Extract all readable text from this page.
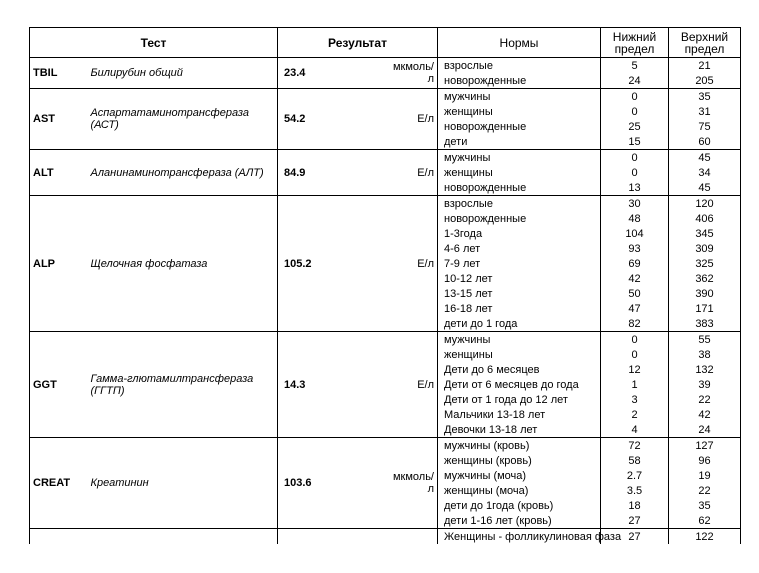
Тест		Результат		Нормы	Нижний предел	Верхний предел
TBIL	Билирубин общий	23.4	мкмоль/л	взрослые	5	21
				новорожденные	24	205
AST	Аспартатаминотрансфераза (АСТ)	54.2	Е/л	мужчины	0	35
				женщины	0	31
				новорожденные	25	75
				дети	15	60
ALT	Аланинаминотрансфераза (АЛТ)	84.9	Е/л	мужчины	0	45
				женщины	0	34
				новорожденные	13	45
ALP	Щелочная фосфатаза	105.2	Е/л	взрослые	30	120
				новорожденные	48	406
				1-3года	104	345
				4-6 лет	93	309
				7-9 лет	69	325
				10-12 лет	42	362
				13-15 лет	50	390
				16-18 лет	47	171
				дети до 1 года	82	383
GGT	Гамма-глютамилтрансфераза (ГГТП)	14.3	Е/л	мужчины	0	55
				женщины	0	38
				Дети до 6 месяцев	12	132
				Дети от 6 месяцев до года	1	39
				Дети от 1 года до 12 лет	3	22
				Мальчики 13-18 лет	2	42
				Девочки 13-18 лет	4	24
CREAT	Креатинин	103.6	мкмоль/л	мужчины (кровь)	72	127
				женщины (кровь)	58	96
				мужчины (моча)	2.7	19
				женщины (моча)	3.5	22
				дети до 1года (кровь)	18	35
				дети 1-16 лет (кровь)	27	62
				Женщины - фолликулиновая фаза	27	122
